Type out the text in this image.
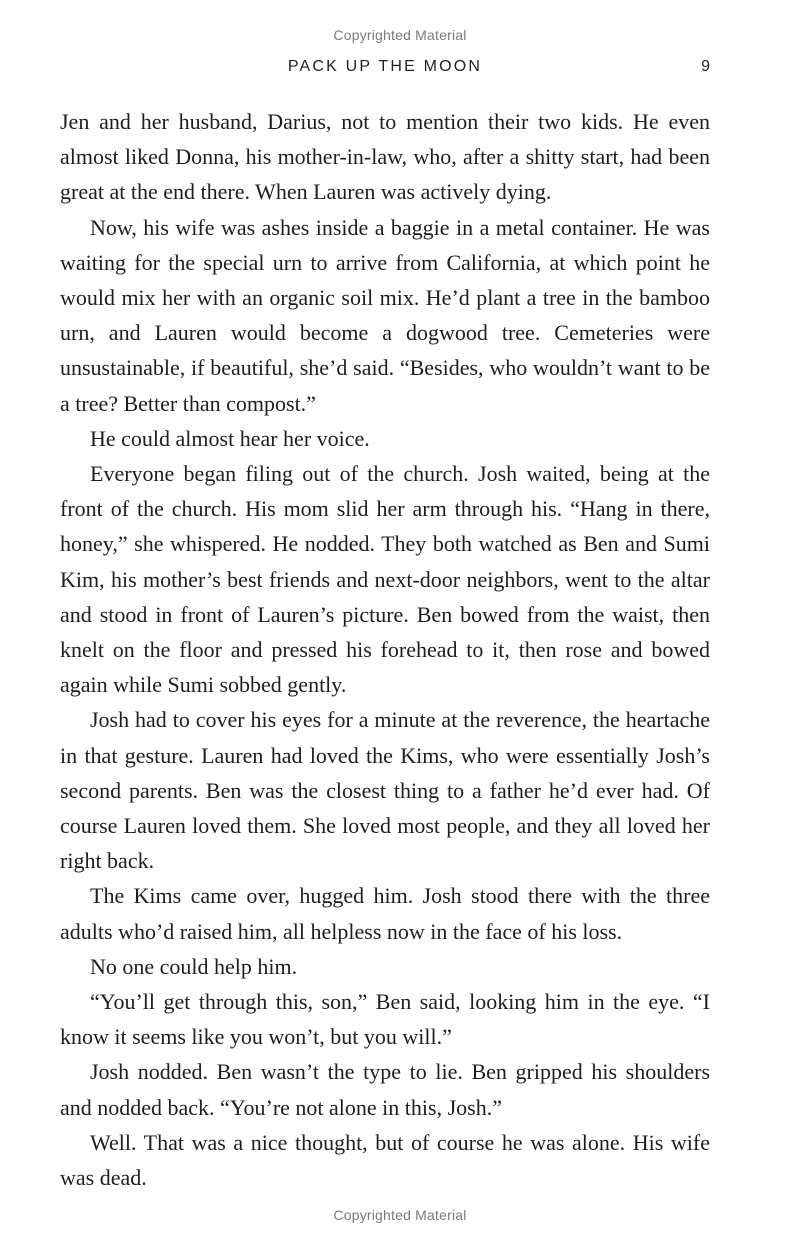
Copyrighted Material
PACK UP THE MOON	9

Jen and her husband, Darius, not to mention their two kids. He even almost liked Donna, his mother-in-law, who, after a shitty start, had been great at the end there. When Lauren was actively dying.

Now, his wife was ashes inside a baggie in a metal container. He was waiting for the special urn to arrive from California, at which point he would mix her with an organic soil mix. He’d plant a tree in the bamboo urn, and Lauren would become a dogwood tree. Cemeteries were unsustainable, if beautiful, she’d said. “Besides, who wouldn’t want to be a tree? Better than compost.”

He could almost hear her voice.

Everyone began filing out of the church. Josh waited, being at the front of the church. His mom slid her arm through his. “Hang in there, honey,” she whispered. He nodded. They both watched as Ben and Sumi Kim, his mother’s best friends and next-door neighbors, went to the altar and stood in front of Lauren’s picture. Ben bowed from the waist, then knelt on the floor and pressed his forehead to it, then rose and bowed again while Sumi sobbed gently.

Josh had to cover his eyes for a minute at the reverence, the heartache in that gesture. Lauren had loved the Kims, who were essentially Josh’s second parents. Ben was the closest thing to a father he’d ever had. Of course Lauren loved them. She loved most people, and they all loved her right back.

The Kims came over, hugged him. Josh stood there with the three adults who’d raised him, all helpless now in the face of his loss.

No one could help him.

“You’ll get through this, son,” Ben said, looking him in the eye. “I know it seems like you won’t, but you will.”

Josh nodded. Ben wasn’t the type to lie. Ben gripped his shoulders and nodded back. “You’re not alone in this, Josh.”

Well. That was a nice thought, but of course he was alone. His wife was dead.

Copyrighted Material
